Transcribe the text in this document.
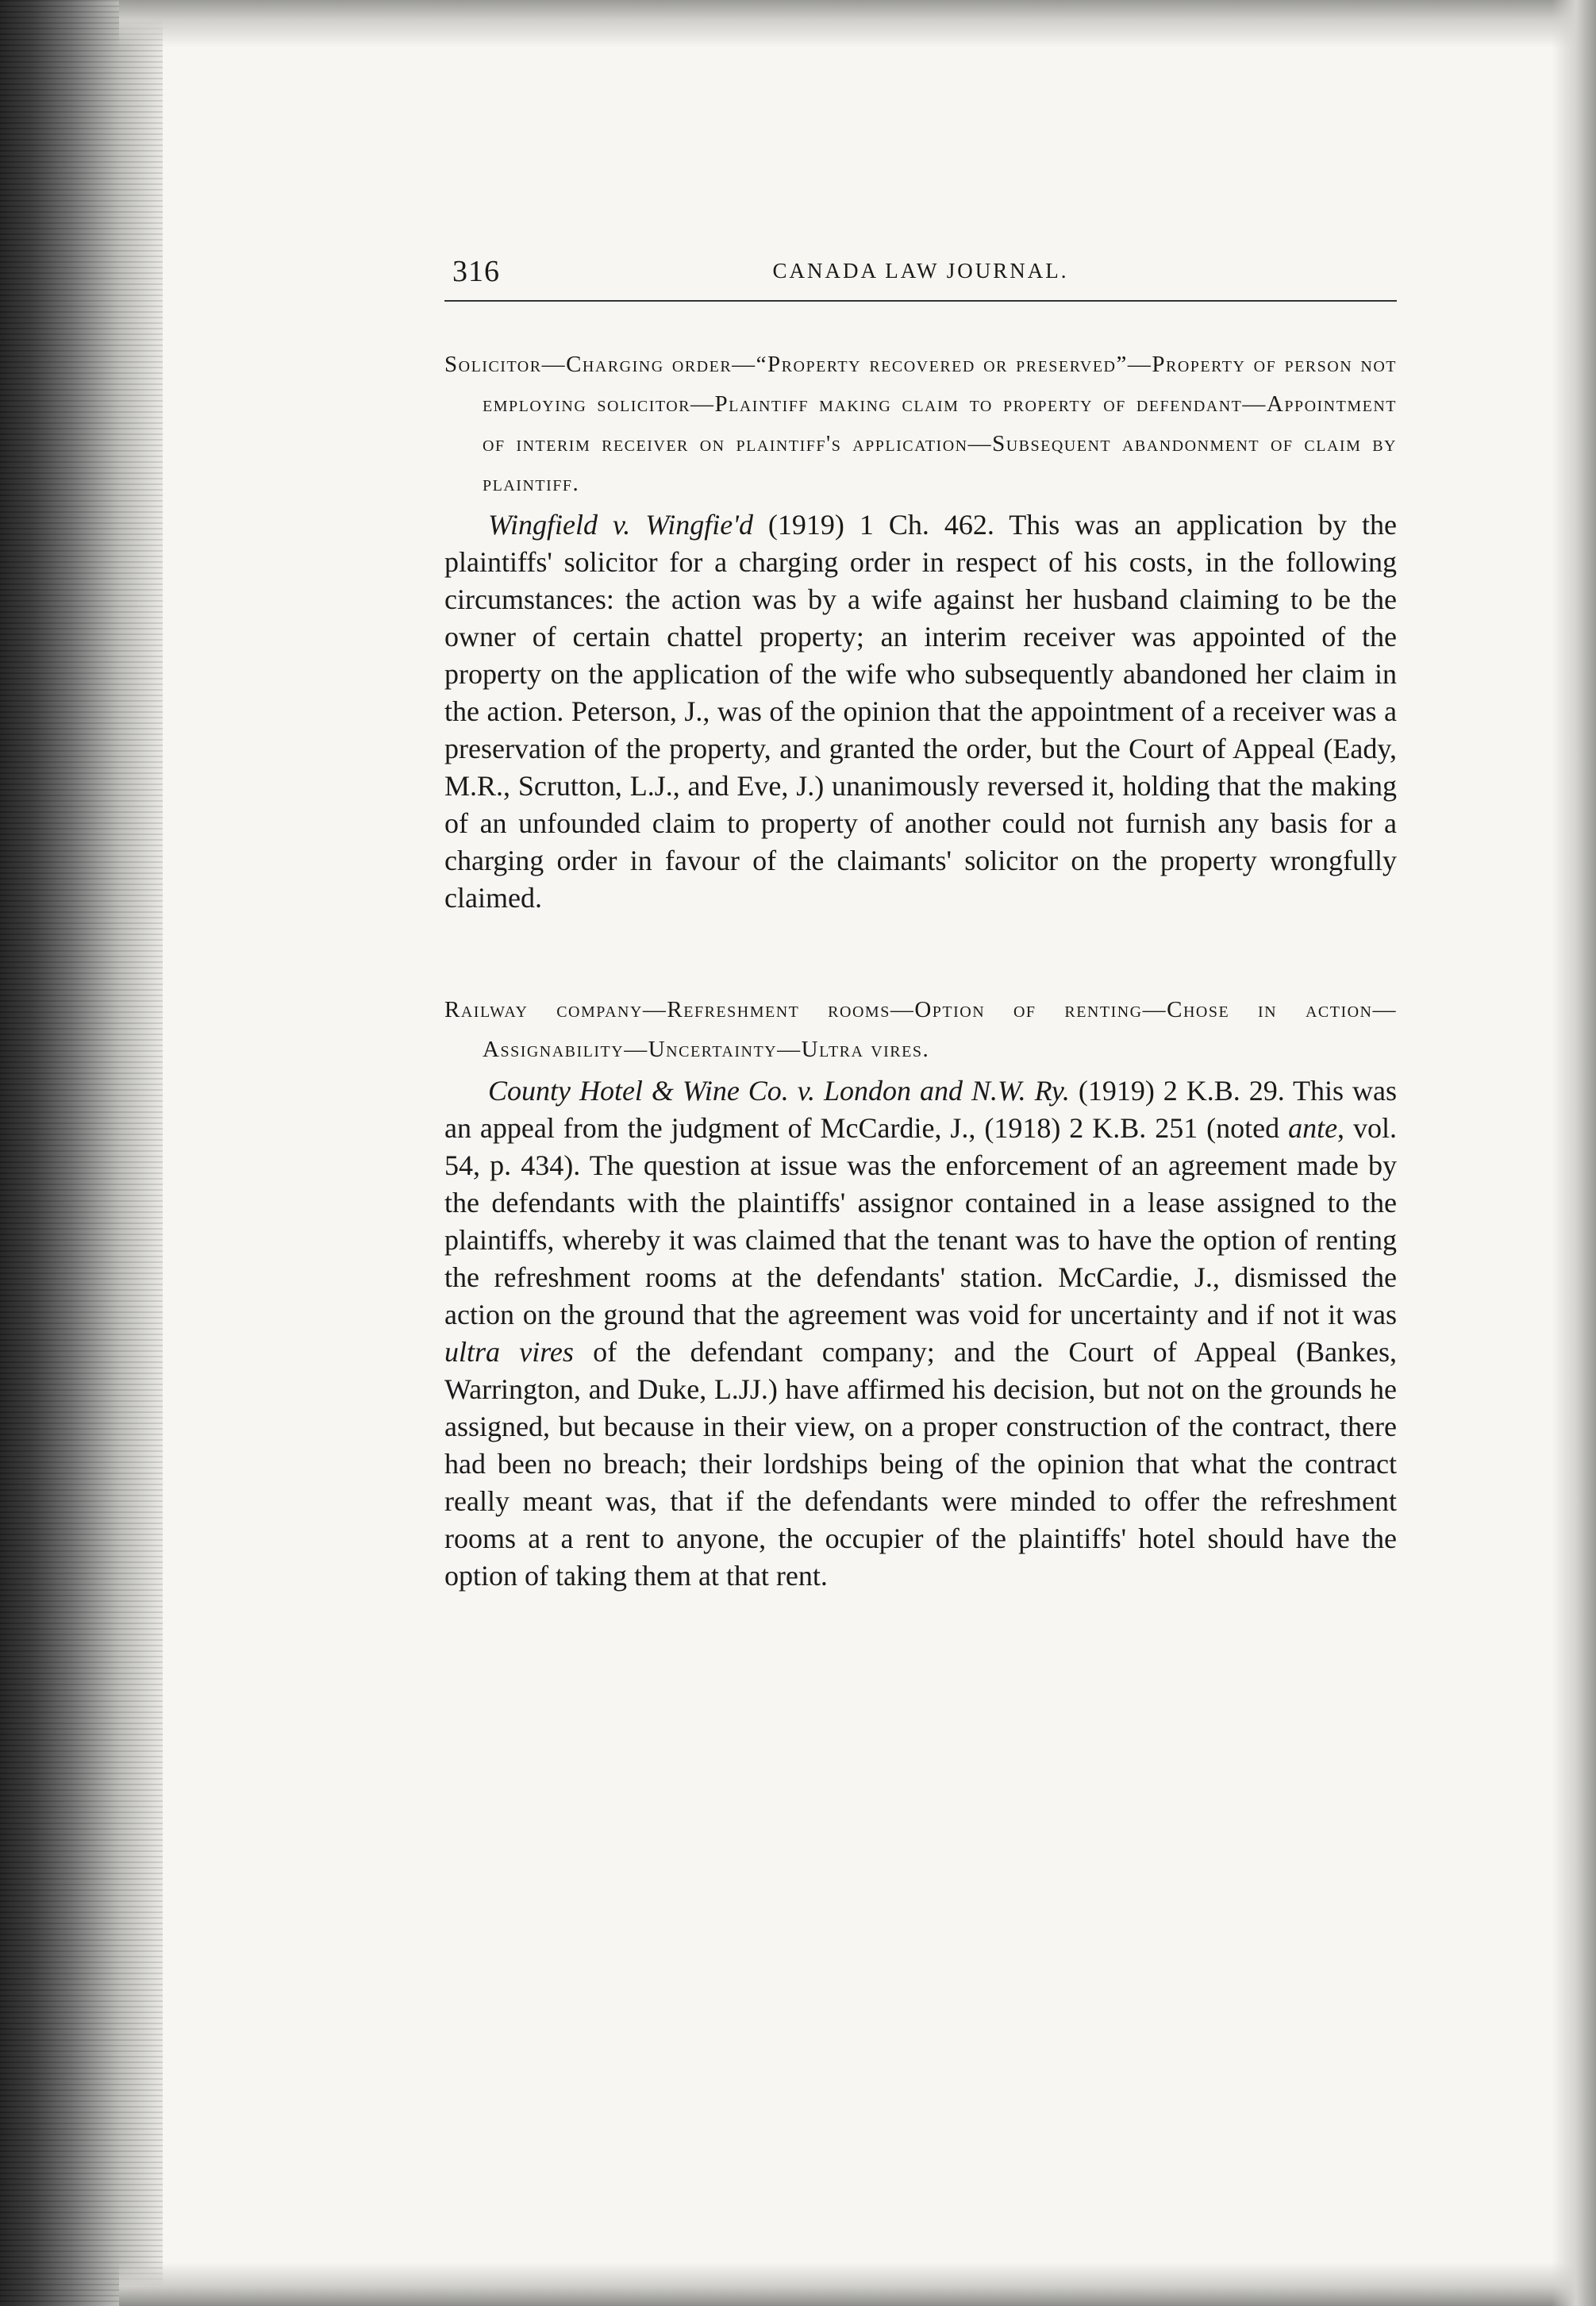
316	CANADA LAW JOURNAL.
Solicitor—Charging order—“Property recovered or preserved”—Property of person not employing solicitor—Plaintiff making claim to property of defendant—Appointment of interim receiver on plaintiff's application—Subsequent abandonment of claim by plaintiff.

Wingfield v. Wingfie'd (1919) 1 Ch. 462. This was an application by the plaintiffs' solicitor for a charging order in respect of his costs, in the following circumstances: the action was by a wife against her husband claiming to be the owner of certain chattel property; an interim receiver was appointed of the property on the application of the wife who subsequently abandoned her claim in the action. Peterson, J., was of the opinion that the appointment of a receiver was a preservation of the property, and granted the order, but the Court of Appeal (Eady, M.R., Scrutton, L.J., and Eve, J.) unanimously reversed it, holding that the making of an unfounded claim to property of another could not furnish any basis for a charging order in favour of the claimants' solicitor on the property wrongfully claimed.

Railway company—Refreshment rooms—Option of renting—Chose in action—Assignability—Uncertainty—Ultra vires.

County Hotel & Wine Co. v. London and N.W. Ry. (1919) 2 K.B. 29. This was an appeal from the judgment of McCardie, J., (1918) 2 K.B. 251 (noted ante, vol. 54, p. 434). The question at issue was the enforcement of an agreement made by the defendants with the plaintiffs' assignor contained in a lease assigned to the plaintiffs, whereby it was claimed that the tenant was to have the option of renting the refreshment rooms at the defendants' station. McCardie, J., dismissed the action on the ground that the agreement was void for uncertainty and if not it was ultra vires of the defendant company; and the Court of Appeal (Bankes, Warrington, and Duke, L.JJ.) have affirmed his decision, but not on the grounds he assigned, but because in their view, on a proper construction of the contract, there had been no breach; their lordships being of the opinion that what the contract really meant was, that if the defendants were minded to offer the refreshment rooms at a rent to anyone, the occupier of the plaintiffs' hotel should have the option of taking them at that rent.
